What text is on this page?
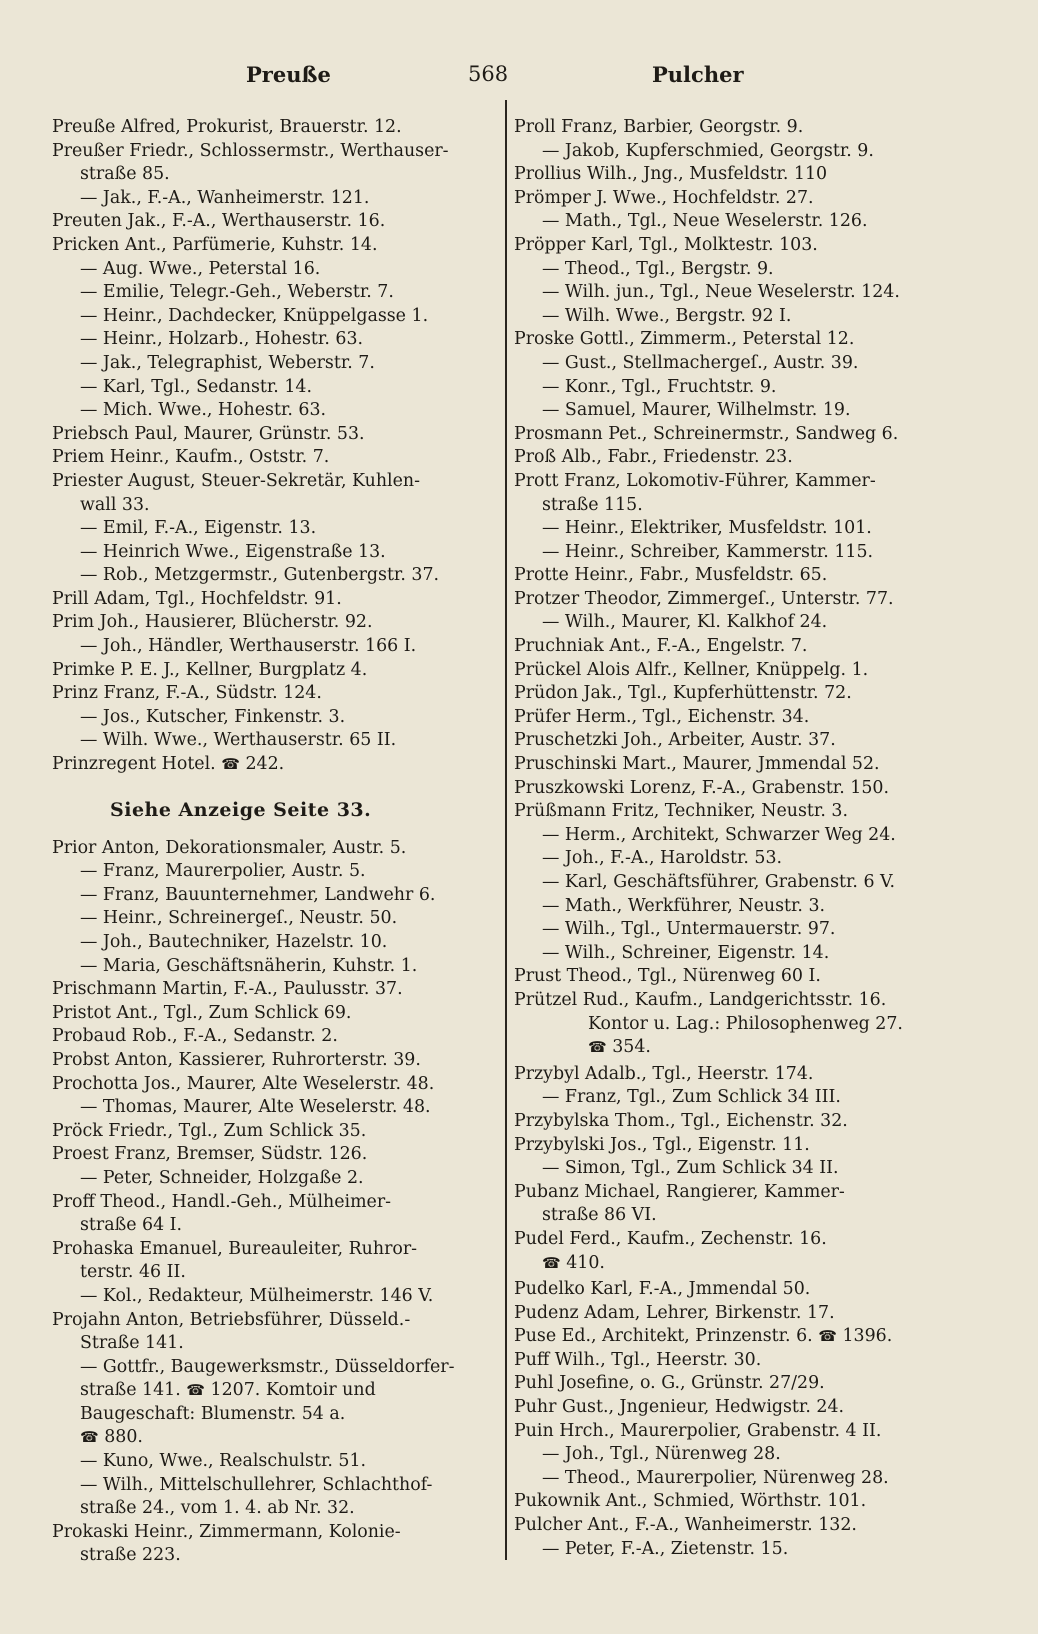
Preuße	568	Pulcher
Preuße Alfred, Prokurist, Brauerstr. 12.
Preußer Friedr., Schlossermstr., Werthauser-
straße 85.
— Jak., F.-A., Wanheimerstr. 121.
Preuten Jak., F.-A., Werthauserstr. 16.
Pricken Ant., Parfümerie, Kuhstr. 14.
— Aug. Wwe., Peterstal 16.
— Emilie, Telegr.-Geh., Weberstr. 7.
— Heinr., Dachdecker, Knüppelgasse 1.
— Heinr., Holzarb., Hohestr. 63.
— Jak., Telegraphist, Weberstr. 7.
— Karl, Tgl., Sedanstr. 14.
— Mich. Wwe., Hohestr. 63.
Priebsch Paul, Maurer, Grünstr. 53.
Priem Heinr., Kaufm., Oststr. 7.
Priester August, Steuer-Sekretär, Kuhlen-
wall 33.
— Emil, F.-A., Eigenstr. 13.
— Heinrich Wwe., Eigenstraße 13.
— Rob., Metzgermstr., Gutenbergstr. 37.
Prill Adam, Tgl., Hochfeldstr. 91.
Prim Joh., Hausierer, Blücherstr. 92.
— Joh., Händler, Werthauserstr. 166 I.
Primke P. E. J., Kellner, Burgplatz 4.
Prinz Franz, F.-A., Südstr. 124.
— Jos., Kutscher, Finkenstr. 3.
— Wilh. Wwe., Werthauserstr. 65 II.
Prinzregent Hotel. ☎ 242.
Siehe Anzeige Seite 33.
Prior Anton, Dekorationsmaler, Austr. 5.
— Franz, Maurerpolier, Austr. 5.
— Franz, Bauunternehmer, Landwehr 6.
— Heinr., Schreinergeſ., Neustr. 50.
— Joh., Bautechniker, Hazelstr. 10.
— Maria, Geschäftsnäherin, Kuhstr. 1.
Prischmann Martin, F.-A., Paulusstr. 37.
Pristot Ant., Tgl., Zum Schlick 69.
Probaud Rob., F.-A., Sedanstr. 2.
Probst Anton, Kassierer, Ruhrorterstr. 39.
Prochotta Jos., Maurer, Alte Weselerstr. 48.
— Thomas, Maurer, Alte Weselerstr. 48.
Pröck Friedr., Tgl., Zum Schlick 35.
Proest Franz, Bremser, Südstr. 126.
— Peter, Schneider, Holzgaße 2.
Proff Theod., Handl.-Geh., Mülheimer-
straße 64 I.
Prohaska Emanuel, Bureauleiter, Ruhror-
terstr. 46 II.
— Kol., Redakteur, Mülheimerstr. 146 V.
Projahn Anton, Betriebsführer, Düsseld.-
Straße 141.
— Gottfr., Baugewerksmstr., Düsseldorfer-
straße 141. ☎ 1207. Komtoir und
Baugeschaft: Blumenstr. 54 a.
☎ 880.
— Kuno, Wwe., Realschulstr. 51.
— Wilh., Mittelschullehrer, Schlachthof-
straße 24., vom 1. 4. ab Nr. 32.
Prokaski Heinr., Zimmermann, Kolonie-
straße 223.
Proll Franz, Barbier, Georgstr. 9.
— Jakob, Kupferschmied, Georgstr. 9.
Prollius Wilh., Jng., Musfeldstr. 110
Prömper J. Wwe., Hochfeldstr. 27.
— Math., Tgl., Neue Weselerstr. 126.
Pröpper Karl, Tgl., Molktestr. 103.
— Theod., Tgl., Bergstr. 9.
— Wilh. jun., Tgl., Neue Weselerstr. 124.
— Wilh. Wwe., Bergstr. 92 I.
Proske Gottl., Zimmerm., Peterstal 12.
— Gust., Stellmachergeſ., Austr. 39.
— Konr., Tgl., Fruchtstr. 9.
— Samuel, Maurer, Wilhelmstr. 19.
Prosmann Pet., Schreinermstr., Sandweg 6.
Proß Alb., Fabr., Friedenstr. 23.
Prott Franz, Lokomotiv-Führer, Kammer-
straße 115.
— Heinr., Elektriker, Musfeldstr. 101.
— Heinr., Schreiber, Kammerstr. 115.
Protte Heinr., Fabr., Musfeldstr. 65.
Protzer Theodor, Zimmergeſ., Unterstr. 77.
— Wilh., Maurer, Kl. Kalkhof 24.
Pruchniak Ant., F.-A., Engelstr. 7.
Prückel Alois Alfr., Kellner, Knüppelg. 1.
Prüdon Jak., Tgl., Kupferhüttenstr. 72.
Prüfer Herm., Tgl., Eichenstr. 34.
Pruschetzki Joh., Arbeiter, Austr. 37.
Pruschinski Mart., Maurer, Jmmendal 52.
Pruszkowski Lorenz, F.-A., Grabenstr. 150.
Prüßmann Fritz, Techniker, Neustr. 3.
— Herm., Architekt, Schwarzer Weg 24.
— Joh., F.-A., Haroldstr. 53.
— Karl, Geschäftsführer, Grabenstr. 6 V.
— Math., Werkführer, Neustr. 3.
— Wilh., Tgl., Untermauerstr. 97.
— Wilh., Schreiner, Eigenstr. 14.
Prust Theod., Tgl., Nürenweg 60 I.
Prützel Rud., Kaufm., Landgerichtsstr. 16.
Kontor u. Lag.: Philosophenweg 27.
☎ 354.
Przybyl Adalb., Tgl., Heerstr. 174.
— Franz, Tgl., Zum Schlick 34 III.
Przybylska Thom., Tgl., Eichenstr. 32.
Przybylski Jos., Tgl., Eigenstr. 11.
— Simon, Tgl., Zum Schlick 34 II.
Pubanz Michael, Rangierer, Kammer-
straße 86 VI.
Pudel Ferd., Kaufm., Zechenstr. 16.
☎ 410.
Pudelko Karl, F.-A., Jmmendal 50.
Pudenz Adam, Lehrer, Birkenstr. 17.
Puse Ed., Architekt, Prinzenstr. 6. ☎ 1396.
Puff Wilh., Tgl., Heerstr. 30.
Puhl Josefine, o. G., Grünstr. 27/29.
Puhr Gust., Jngenieur, Hedwigstr. 24.
Puin Hrch., Maurerpolier, Grabenstr. 4 II.
— Joh., Tgl., Nürenweg 28.
— Theod., Maurerpolier, Nürenweg 28.
Pukownik Ant., Schmied, Wörthstr. 101.
Pulcher Ant., F.-A., Wanheimerstr. 132.
— Peter, F.-A., Zietenstr. 15.
